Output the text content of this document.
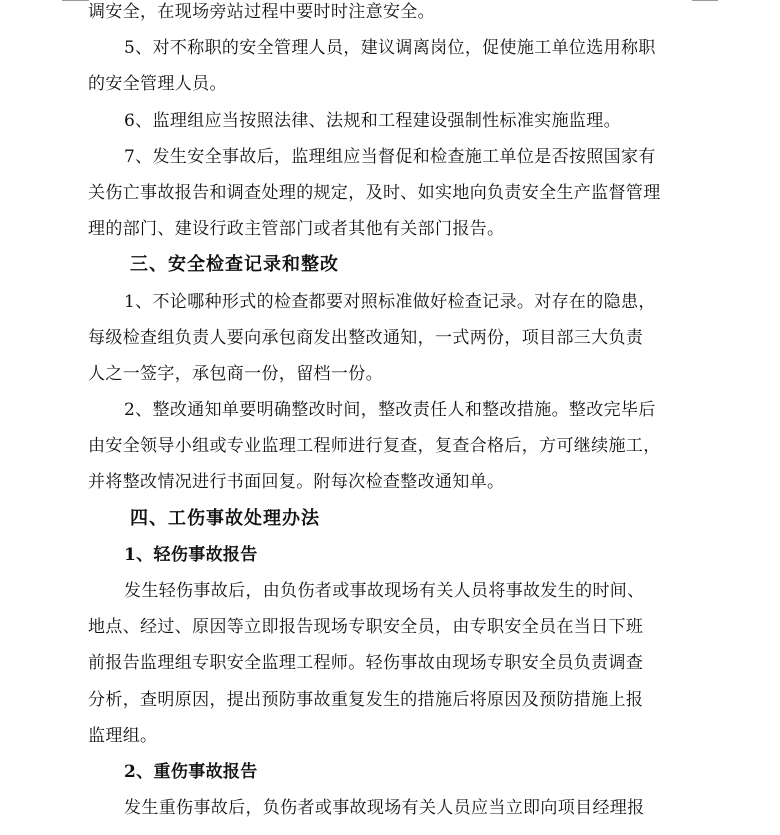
调安全，在现场旁站过程中要时时注意安全。
5、对不称职的安全管理人员，建议调离岗位，促使施工单位选用称职
的安全管理人员。
6、监理组应当按照法律、法规和工程建设强制性标准实施监理。
7、发生安全事故后，监理组应当督促和检查施工单位是否按照国家有
关伤亡事故报告和调查处理的规定，及时、如实地向负责安全生产监督管理
理的部门、建设行政主管部门或者其他有关部门报告。
三、安全检查记录和整改
1、不论哪种形式的检查都要对照标准做好检查记录。对存在的隐患，
每级检查组负责人要向承包商发出整改通知，一式两份，项目部三大负责
人之一签字，承包商一份，留档一份。
2、整改通知单要明确整改时间，整改责任人和整改措施。整改完毕后
由安全领导小组或专业监理工程师进行复查，复查合格后，方可继续施工，
并将整改情况进行书面回复。附每次检查整改通知单。
四、工伤事故处理办法
1、轻伤事故报告
发生轻伤事故后，由负伤者或事故现场有关人员将事故发生的时间、
地点、经过、原因等立即报告现场专职安全员，由专职安全员在当日下班
前报告监理组专职安全监理工程师。轻伤事故由现场专职安全员负责调查
分析，查明原因，提出预防事故重复发生的措施后将原因及预防措施上报
监理组。
2、重伤事故报告
发生重伤事故后，负伤者或事故现场有关人员应当立即向项目经理报
